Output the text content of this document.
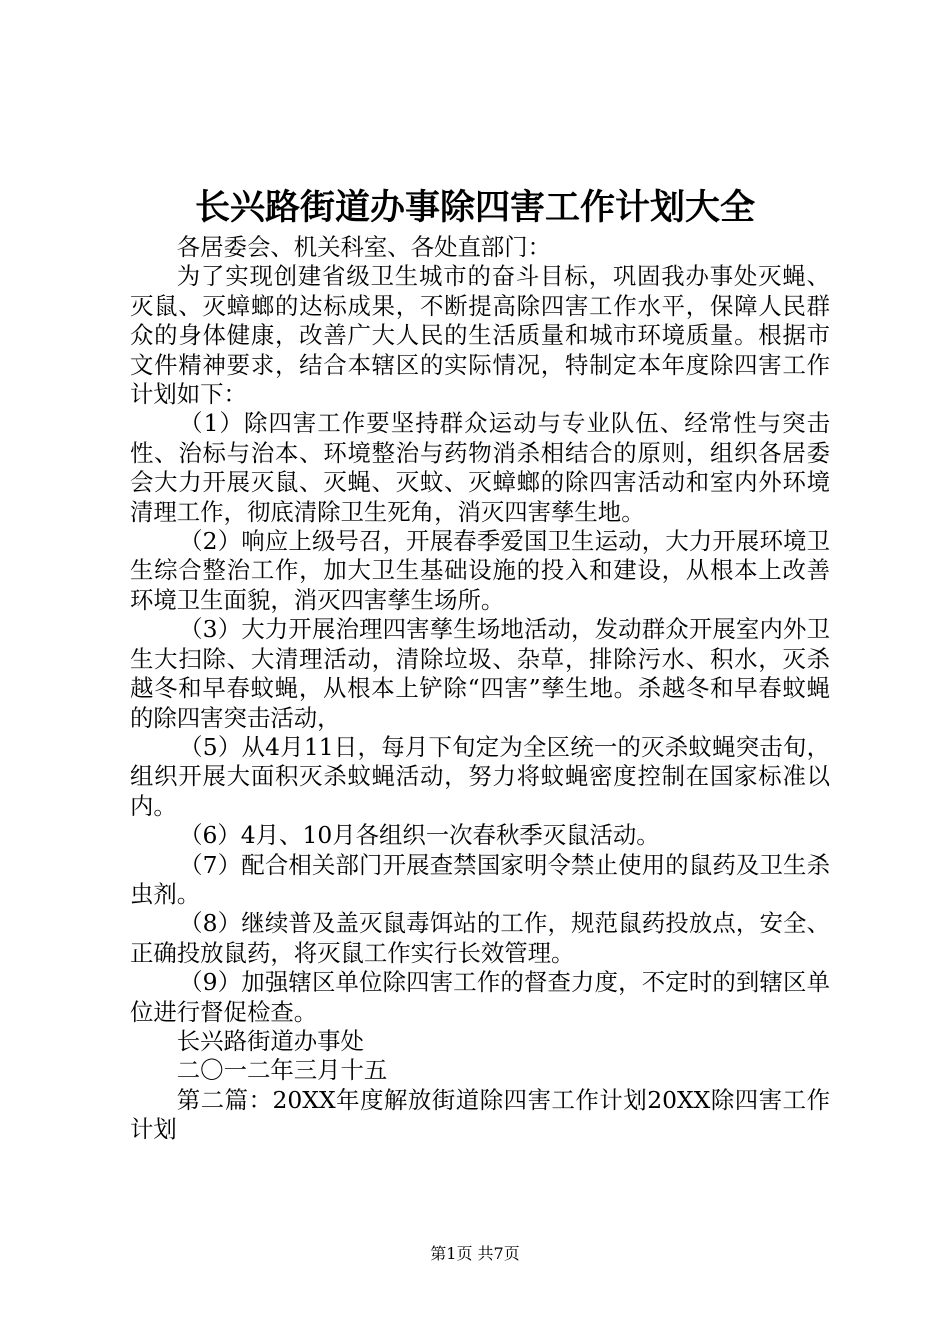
长兴路街道办事除四害工作计划大全

各居委会、机关科室、各处直部门：

为了实现创建省级卫生城市的奋斗目标，巩固我办事处灭蝇、灭鼠、灭蟑螂的达标成果，不断提高除四害工作水平，保障人民群众的身体健康，改善广大人民的生活质量和城市环境质量。根据市文件精神要求，结合本辖区的实际情况，特制定本年度除四害工作计划如下：

（1）除四害工作要坚持群众运动与专业队伍、经常性与突击性、治标与治本、环境整治与药物消杀相结合的原则，组织各居委会大力开展灭鼠、灭蝇、灭蚊、灭蟑螂的除四害活动和室内外环境清理工作，彻底清除卫生死角，消灭四害孳生地。

（2）响应上级号召，开展春季爱国卫生运动，大力开展环境卫生综合整治工作，加大卫生基础设施的投入和建设，从根本上改善环境卫生面貌，消灭四害孳生场所。

（3）大力开展治理四害孳生场地活动，发动群众开展室内外卫生大扫除、大清理活动，清除垃圾、杂草，排除污水、积水，灭杀越冬和早春蚊蝇，从根本上铲除“四害”孳生地。杀越冬和早春蚊蝇的除四害突击活动，

（5）从4月11日，每月下旬定为全区统一的灭杀蚊蝇突击旬，组织开展大面积灭杀蚊蝇活动，努力将蚊蝇密度控制在国家标准以内。

（6）4月、10月各组织一次春秋季灭鼠活动。

（7）配合相关部门开展查禁国家明令禁止使用的鼠药及卫生杀虫剂。

（8）继续普及盖灭鼠毒饵站的工作，规范鼠药投放点，安全、正确投放鼠药，将灭鼠工作实行长效管理。

（9）加强辖区单位除四害工作的督查力度，不定时的到辖区单位进行督促检查。

长兴路街道办事处

二〇一二年三月十五

第二篇：20XX年度解放街道除四害工作计划20XX除四害工作计划

第1页 共7页
